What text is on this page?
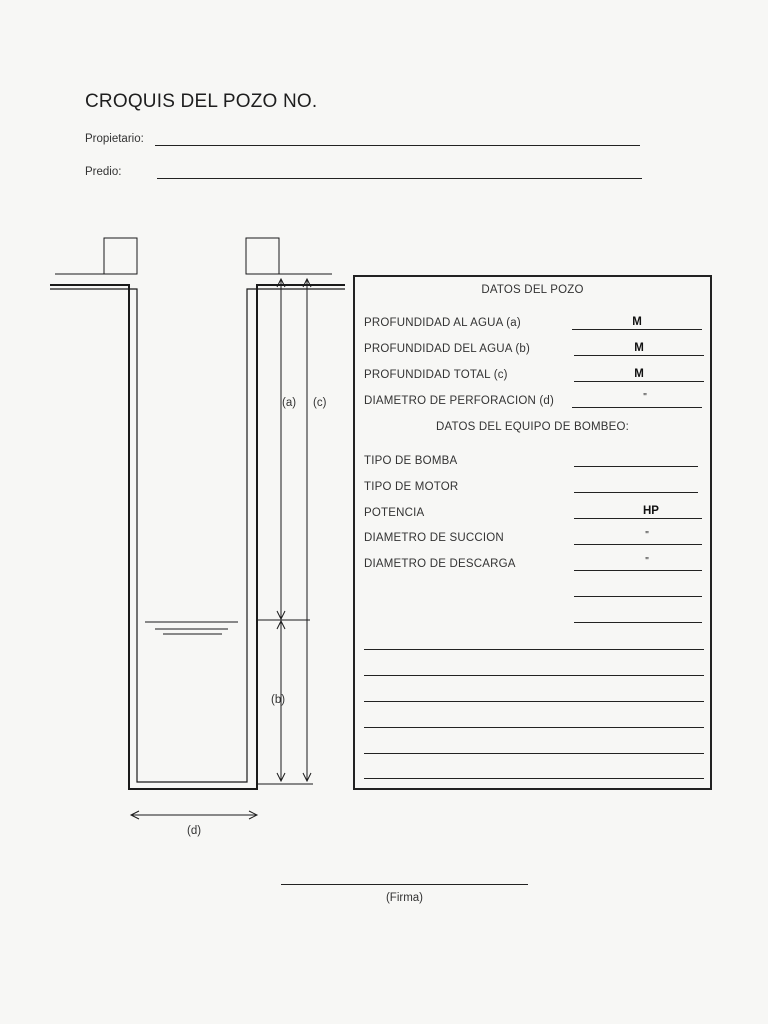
CROQUIS DEL POZO NO.
Propietario:
Predio:
(a) (c)
(b)
(d)
DATOS DEL POZO
PROFUNDIDAD AL AGUA (a)	M
PROFUNDIDAD DEL AGUA (b)	M
PROFUNDIDAD TOTAL (c)	M
DIAMETRO DE PERFORACION (d)	"
DATOS DEL EQUIPO DE BOMBEO:
TIPO DE BOMBA
TIPO DE MOTOR
POTENCIA	HP
DIAMETRO DE SUCCION	"
DIAMETRO DE DESCARGA	"
(Firma)
